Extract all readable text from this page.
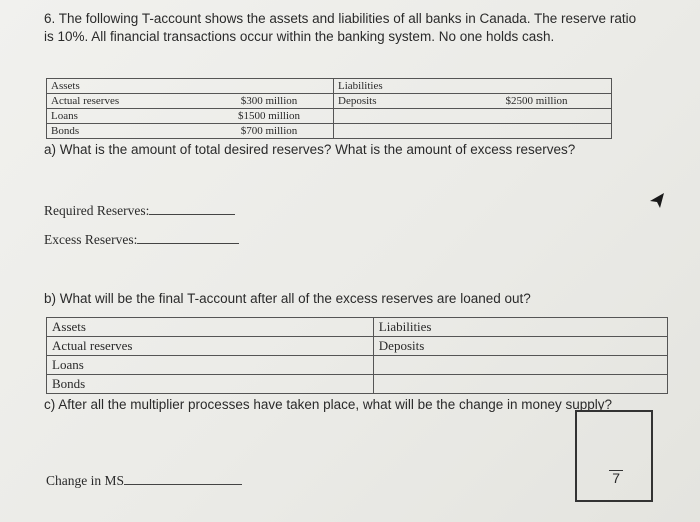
6. The following T-account shows the assets and liabilities of all banks in Canada. The reserve ratio is 10%. All financial transactions occur within the banking system. No one holds cash.
Assets		Liabilities	
Actual reserves	$300 million	Deposits	$2500 million
Loans	$1500 million		
Bonds	$700 million		
a) What is the amount of total desired reserves? What is the amount of excess reserves?
Required Reserves:
Excess Reserves:
b) What will be the final T-account after all of the excess reserves are loaned out?
Assets	Liabilities
Actual reserves	Deposits
Loans	
Bonds	
c) After all the multiplier processes have taken place, what will be the change in money supply?
Change in MS	7
